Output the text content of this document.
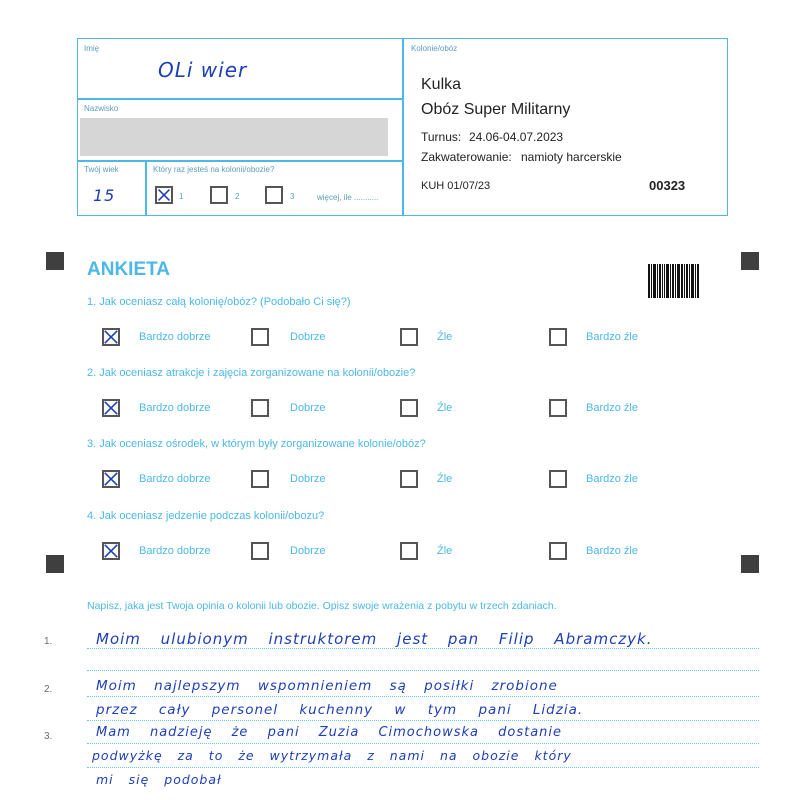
Imię
OLi wier
Nazwisko
Twój wiek
15
Który raz jesteś na kolonii/obozie?
1	2	3	więcej, ile ...........
Kolonie/obóz
Kulka
Obóz Super Militarny
Turnus: 24.06-04.07.2023
Zakwaterowanie: namioty harcerskie
KUH 01/07/23	00323
ANKIETA
1. Jak oceniasz całą kolonię/obóz? (Podobało Ci się?)
Bardzo dobrze	Dobrze	Źle	Bardzo źle
2. Jak oceniasz atrakcje i zajęcia zorganizowane na kolonii/obozie?
Bardzo dobrze	Dobrze	Źle	Bardzo źle
3. Jak oceniasz ośrodek, w którym były zorganizowane kolonie/obóz?
Bardzo dobrze	Dobrze	Źle	Bardzo źle
4. Jak oceniasz jedzenie podczas kolonii/obozu?
Bardzo dobrze	Dobrze	Źle	Bardzo źle
Napisz, jaka jest Twoja opinia o kolonii lub obozie. Opisz swoje wrażenia z pobytu w trzech zdaniach.
1.
2.
3.
Moim ulubionym instruktorem jest pan Filip Abramczyk.
Moim najlepszym wspomnieniem są posiłki zrobione
przez cały personel kuchenny w tym pani Lidzia.
Mam nadzieję że pani Zuzia Cimochowska dostanie
podwyżkę za to że wytrzymała z nami na obozie który
mi się podobał
